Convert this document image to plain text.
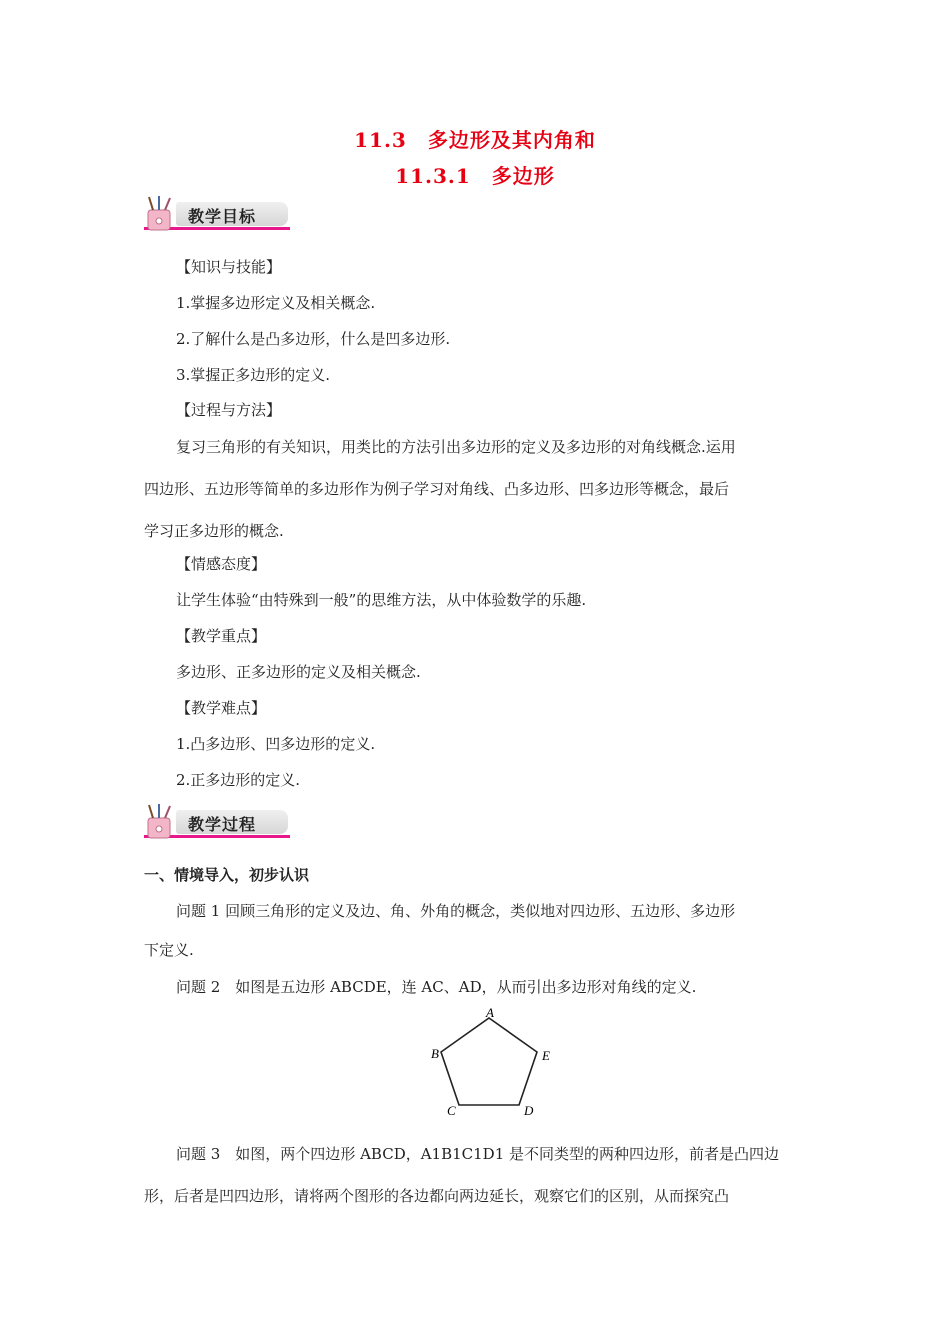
11.3　多边形及其内角和
11.3.1　多边形
教学目标
【知识与技能】
1.掌握多边形定义及相关概念.
2.了解什么是凸多边形，什么是凹多边形.
3.掌握正多边形的定义.
【过程与方法】
复习三角形的有关知识，用类比的方法引出多边形的定义及多边形的对角线概念.运用
四边形、五边形等简单的多边形作为例子学习对角线、凸多边形、凹多边形等概念，最后
学习正多边形的概念.
【情感态度】
让学生体验“由特殊到一般”的思维方法，从中体验数学的乐趣.
【教学重点】
多边形、正多边形的定义及相关概念.
【教学难点】
1.凸多边形、凹多边形的定义.
2.正多边形的定义.
教学过程
一、情境导入，初步认识
问题 1 回顾三角形的定义及边、角、外角的概念，类似地对四边形、五边形、多边形
下定义.
问题 2　如图是五边形 ABCDE，连 AC、AD，从而引出多边形对角线的定义.
A
B	E
C	D
问题 3　如图，两个四边形 ABCD，A1B1C1D1 是不同类型的两种四边形，前者是凸四边
形，后者是凹四边形，请将两个图形的各边都向两边延长，观察它们的区别，从而探究凸
